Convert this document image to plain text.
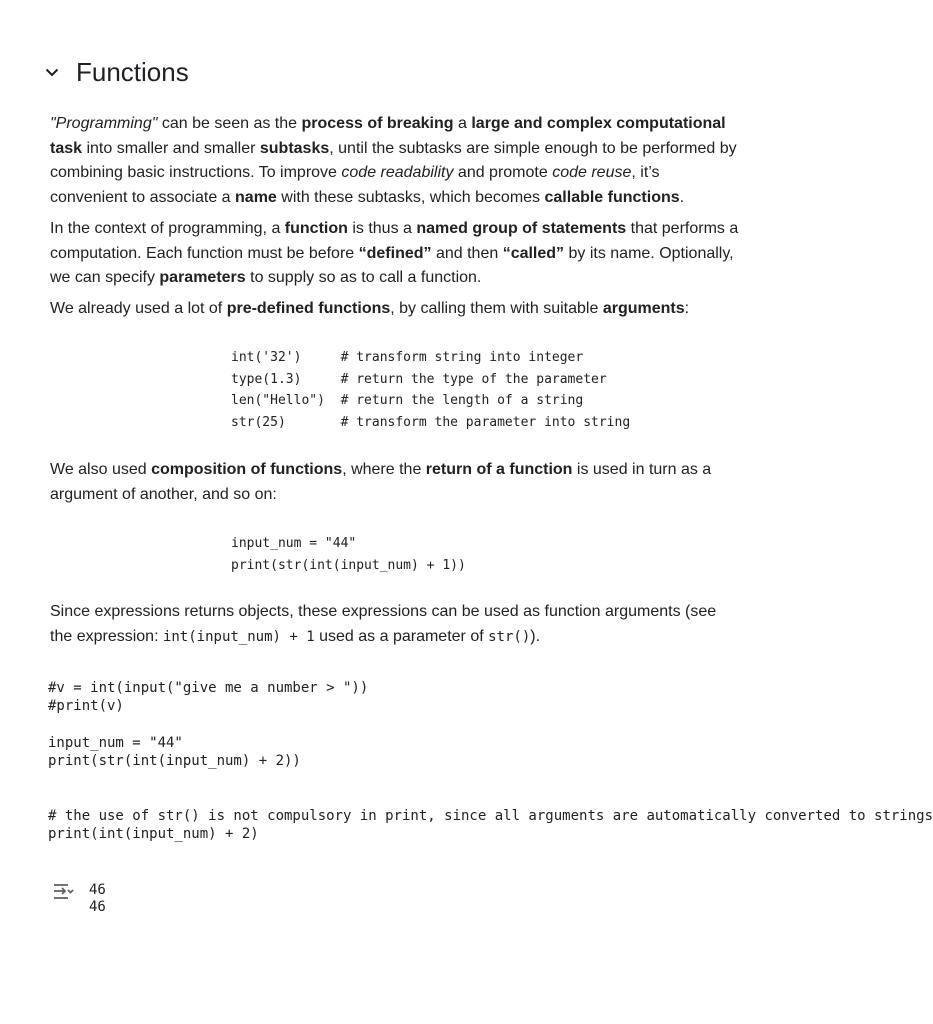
Functions

"Programming" can be seen as the process of breaking a large and complex computational task into smaller and smaller subtasks, until the subtasks are simple enough to be performed by combining basic instructions. To improve code readability and promote code reuse, it’s convenient to associate a name with these subtasks, which becomes callable functions.

In the context of programming, a function is thus a named group of statements that performs a computation. Each function must be before “defined” and then “called” by its name. Optionally, we can specify parameters to supply so as to call a function.

We already used a lot of pre-defined functions, by calling them with suitable arguments:

int('32')     # transform string into integer
type(1.3)     # return the type of the parameter
len("Hello")  # return the length of a string
str(25)       # transform the parameter into string

We also used composition of functions, where the return of a function is used in turn as a argument of another, and so on:

input_num = "44"
print(str(int(input_num) + 1))

Since expressions returns objects, these expressions can be used as function arguments (see the expression: int(input_num) + 1 used as a parameter of str()).

#v = int(input("give me a number > "))
#print(v)

input_num = "44"
print(str(int(input_num) + 2))

# the use of str() is not compulsory in print, since all arguments are automatically converted to strings
print(int(input_num) + 2)
46
46
